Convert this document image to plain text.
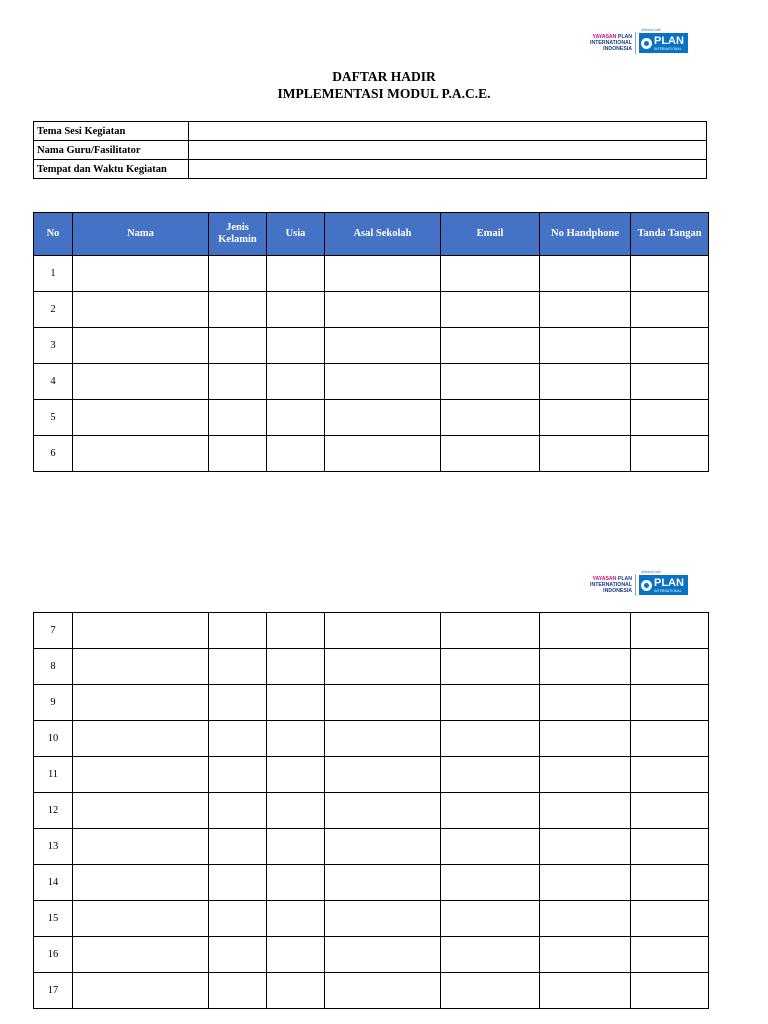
YAYASAN PLAN
INTERNATIONAL
INDONESIA
affiliated with
PLAN
INTERNATIONAL
DAFTAR HADIR
IMPLEMENTASI MODUL P.A.C.E.
Tema Sesi Kegiatan	
Nama Guru/Fasilitator	
Tempat dan Waktu Kegiatan	
No	Nama	Jenis Kelamin	Usia	Asal Sekolah	Email	No Handphone	Tanda Tangan
1							
2							
3							
4							
5							
6							
YAYASAN PLAN
INTERNATIONAL
INDONESIA
affiliated with
PLAN
INTERNATIONAL
7							
8							
9							
10							
11							
12							
13							
14							
15							
16							
17							
